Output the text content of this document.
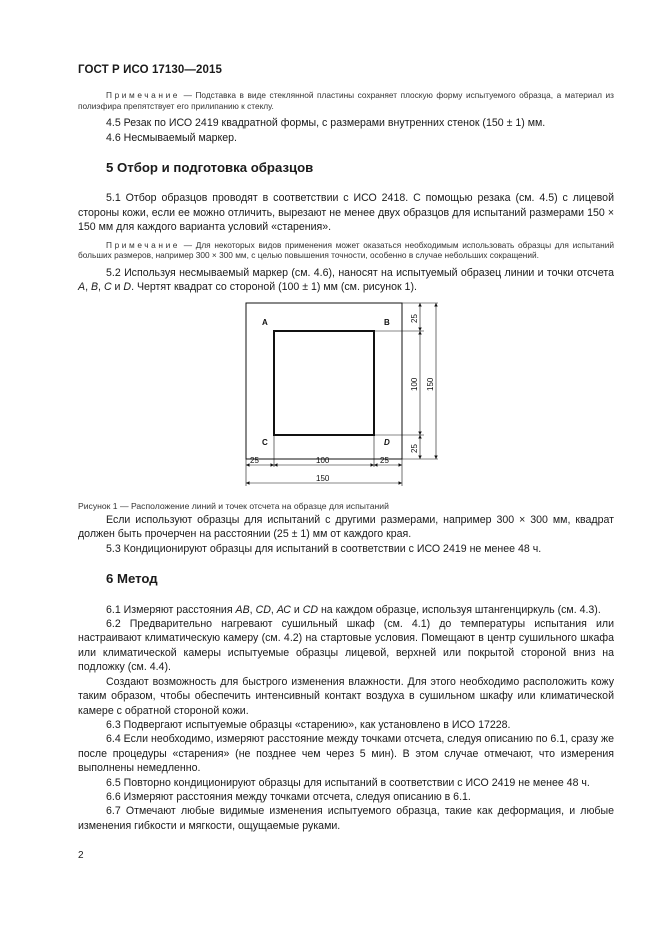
ГОСТ Р ИСО 17130—2015

Примечание — Подставка в виде стеклянной пластины сохраняет плоскую форму испытуемого образца, а материал из полиэфира препятствует его прилипанию к стеклу.

4.5 Резак по ИСО 2419 квадратной формы, с размерами внутренних стенок (150 ± 1) мм.

4.6 Несмываемый маркер.

5 Отбор и подготовка образцов

5.1 Отбор образцов проводят в соответствии с ИСО 2418. С помощью резака (см. 4.5) с лицевой стороны кожи, если ее можно отличить, вырезают не менее двух образцов для испытаний размерами 150 × 150 мм для каждого варианта условий «старения».

Примечание — Для некоторых видов применения может оказаться необходимым использовать образцы для испытаний больших размеров, например 300 × 300 мм, с целью повышения точности, особенно в случае небольших сокращений.

5.2 Используя несмываемый маркер (см. 4.6), наносят на испытуемый образец линии и точки отсчета А, В, С и D. Чертят квадрат со стороной (100 ± 1) мм (см. рисунок 1).

A	B
C	D
25	100	25
150
25
100
25
150

Рисунок 1 — Расположение линий и точек отсчета на образце для испытаний

Если используют образцы для испытаний с другими размерами, например 300 × 300 мм, квадрат должен быть прочерчен на расстоянии (25 ± 1) мм от каждого края.

5.3 Кондиционируют образцы для испытаний в соответствии с ИСО 2419 не менее 48 ч.

6 Метод

6.1 Измеряют расстояния АВ, CD, АС и CD на каждом образце, используя штангенциркуль (см. 4.3).

6.2 Предварительно нагревают сушильный шкаф (см. 4.1) до температуры испытания или настраивают климатическую камеру (см. 4.2) на стартовые условия. Помещают в центр сушильного шкафа или климатической камеры испытуемые образцы лицевой, верхней или покрытой стороной вниз на подложку (см. 4.4).

Создают возможность для быстрого изменения влажности. Для этого необходимо расположить кожу таким образом, чтобы обеспечить интенсивный контакт воздуха в сушильном шкафу или климатической камере с обратной стороной кожи.

6.3 Подвергают испытуемые образцы «старению», как установлено в ИСО 17228.

6.4 Если необходимо, измеряют расстояние между точками отсчета, следуя описанию по 6.1, сразу же после процедуры «старения» (не позднее чем через 5 мин). В этом случае отмечают, что измерения выполнены немедленно.

6.5 Повторно кондиционируют образцы для испытаний в соответствии с ИСО 2419 не менее 48 ч.

6.6 Измеряют расстояния между точками отсчета, следуя описанию в 6.1.

6.7 Отмечают любые видимые изменения испытуемого образца, такие как деформация, и любые изменения гибкости и мягкости, ощущаемые руками.

2
